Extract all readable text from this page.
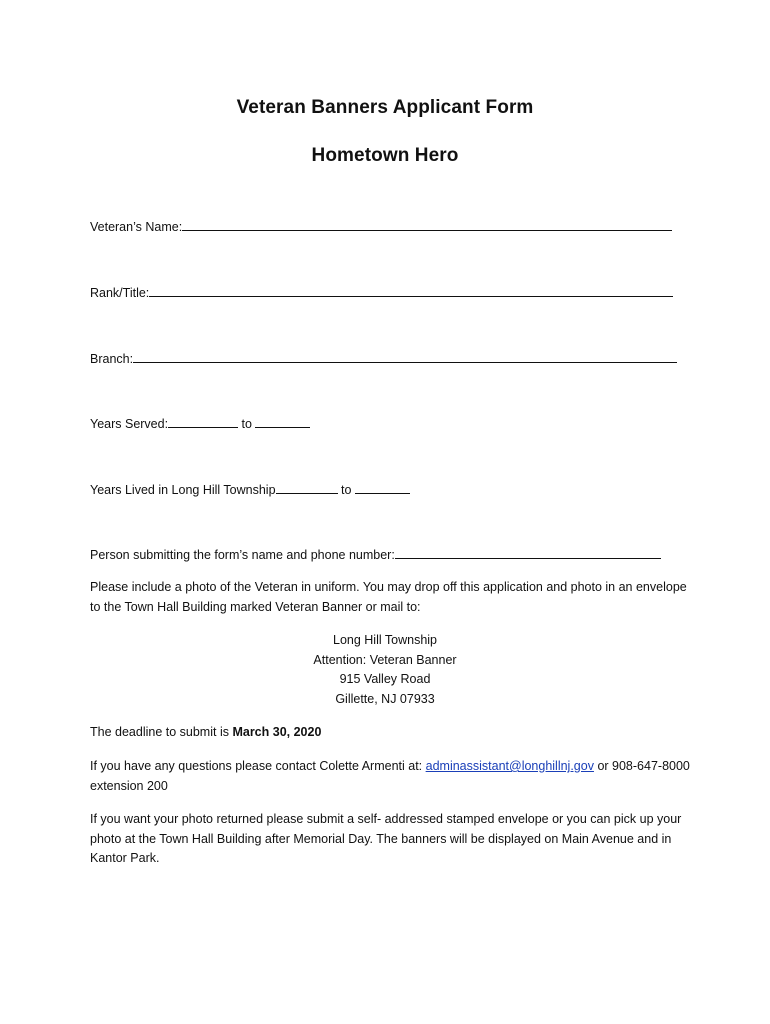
Veteran Banners Applicant Form
Hometown Hero
Veteran’s Name:
Rank/Title:
Branch:
Years Served:	to
Years Lived in Long Hill Township	to
Person submitting the form’s name and phone number:
Please include a photo of the Veteran in uniform. You may drop off this application and photo in an envelope to the Town Hall Building marked Veteran Banner or mail to:
Long Hill Township
Attention: Veteran Banner
915 Valley Road
Gillette, NJ 07933
The deadline to submit is March 30, 2020
If you have any questions please contact Colette Armenti at: adminassistant@longhillnj.gov or 908-647-8000 extension 200
If you want your photo returned please submit a self- addressed stamped envelope or you can pick up your photo at the Town Hall Building after Memorial Day. The banners will be displayed on Main Avenue and in Kantor Park.
